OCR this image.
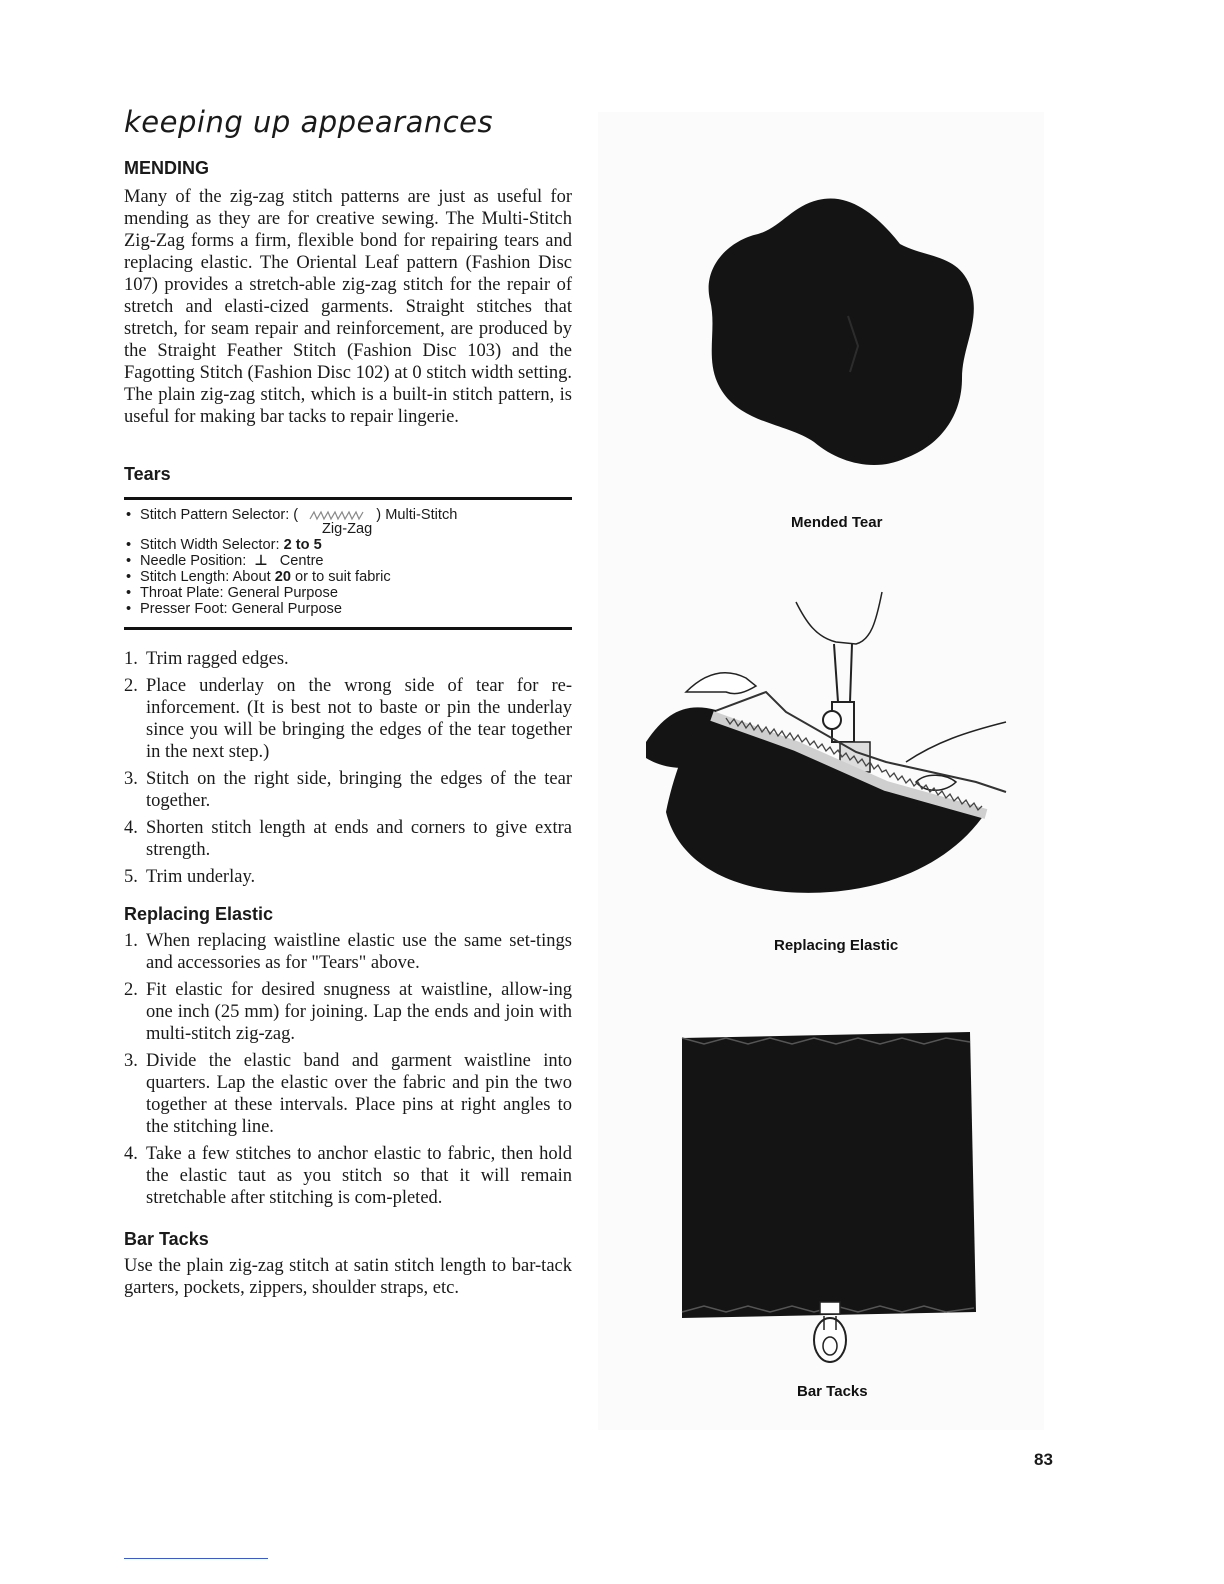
keeping up appearances
MENDING

Many of the zig-zag stitch patterns are just as useful for mending as they are for creative sewing. The Multi-Stitch Zig-Zag forms a firm, flexible bond for repairing tears and replacing elastic. The Oriental Leaf pattern (Fashion Disc 107) provides a stretch-able zig-zag stitch for the repair of stretch and elasti-cized garments. Straight stitches that stretch, for seam repair and reinforcement, are produced by the Straight Feather Stitch (Fashion Disc 103) and the Fagotting Stitch (Fashion Disc 102) at 0 stitch width setting. The plain zig-zag stitch, which is a built-in stitch pattern, is useful for making bar tacks to repair lingerie.

Tears
• Stitch Pattern Selector: (	) Multi-Stitch
Zig-Zag
• Stitch Width Selector: 2 to 5
• Needle Position: ⊥ Centre
• Stitch Length: About 20 or to suit fabric
• Throat Plate: General Purpose
• Presser Foot: General Purpose
1. Trim ragged edges.
2. Place underlay on the wrong side of tear for re-inforcement. (It is best not to baste or pin the underlay since you will be bringing the edges of the tear together in the next step.)
3. Stitch on the right side, bringing the edges of the tear together.
4. Shorten stitch length at ends and corners to give extra strength.
5. Trim underlay.
Replacing Elastic
1. When replacing waistline elastic use the same set-tings and accessories as for "Tears" above.
2. Fit elastic for desired snugness at waistline, allow-ing one inch (25 mm) for joining. Lap the ends and join with multi-stitch zig-zag.
3. Divide the elastic band and garment waistline into quarters. Lap the elastic over the fabric and pin the two together at these intervals. Place pins at right angles to the stitching line.
4. Take a few stitches to anchor elastic to fabric, then hold the elastic taut as you stitch so that it will remain stretchable after stitching is com-pleted.
Bar Tacks

Use the plain zig-zag stitch at satin stitch length to bar-tack garters, pockets, zippers, shoulder straps, etc.

Mended Tear
Replacing Elastic
Bar Tacks
83
